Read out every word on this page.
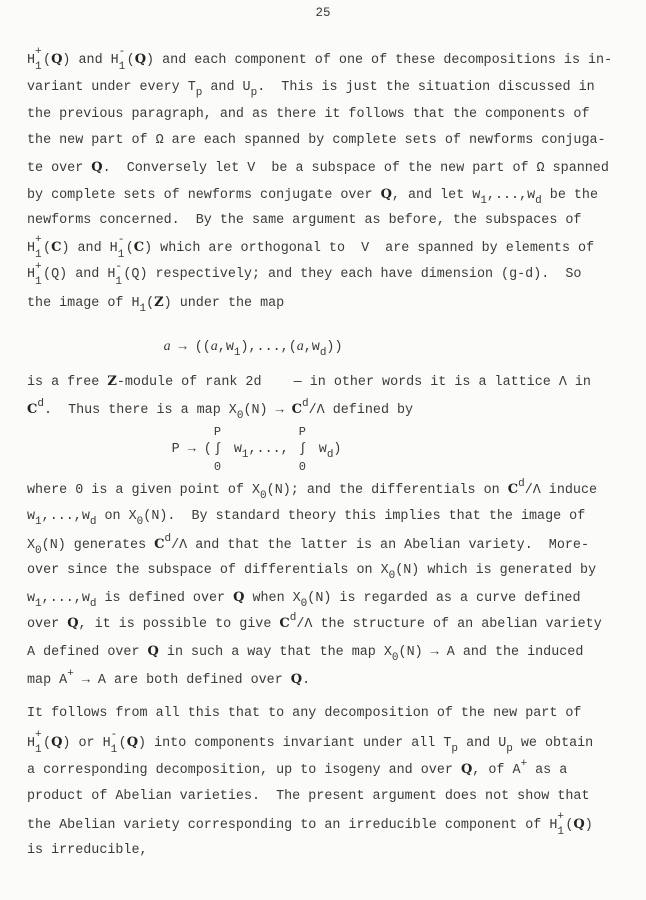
25
H
+
1 (Q) and H
-
1 (Q) and each component of one of these decompositions is in-
variant under every $T_p$ and $U_p$.  This is just the situation discussed in
the previous paragraph, and as there it follows that the components of
the new part of Ω are each spanned by complete sets of newforms conjuga-
te over Q.  Conversely let V  be a subspace of the new part of Ω spanned
by complete sets of newforms conjugate over Q, and let $w_1,...,w_d$ be the
newforms concerned.  By the same argument as before, the subspaces of
H
+
1 (C) and H
-
1 (C) which are orthogonal to  V  are spanned by elements of
H +
1 (Q) and H -
1 (Q) respectively; and they each have dimension (g-d).  So
the image of $H_1(Z)$ under the map
$a \to ((a,w_1),...,(a,w_d))$
is a free Z-module of rank 2d    — in other words it is a lattice Λ in
$C^d$.  Thus there is a map $X_0(N) \to C^d/\Lambda$ defined by
P → (
P
∫
0
$w_1$,...,
P
∫
0
$w_d$)
where 0 is a given point of $X_0(N)$; and the differentials on $C^d/\Lambda$ induce
$w_1,...,w_d$ on $X_0(N)$.  By standard theory this implies that the image of
$X_0(N)$ generates $C^d/\Lambda$ and that the latter is an Abelian variety.  More-
over since the subspace of differentials on $X_0(N)$ which is generated by
$w_1,...,w_d$ is defined over Q when $X_0(N)$ is regarded as a curve defined
over Q, it is possible to give $C^d/\Lambda$ the structure of an abelian variety
A defined over Q in such a way that the map $X_0(N) \to A$ and the induced
map A+ → A are both defined over Q.
It follows from all this that to any decomposition of the new part of
H
+
1 (Q) or H
-
1 (Q) into components invariant under all $T_p$ and $U_p$ we obtain
a corresponding decomposition, up to isogeny and over Q, of A+ as a
product of Abelian varieties.  The present argument does not show that
the Abelian variety corresponding to an irreducible component of H
+
1 (Q)
is irreducible,
